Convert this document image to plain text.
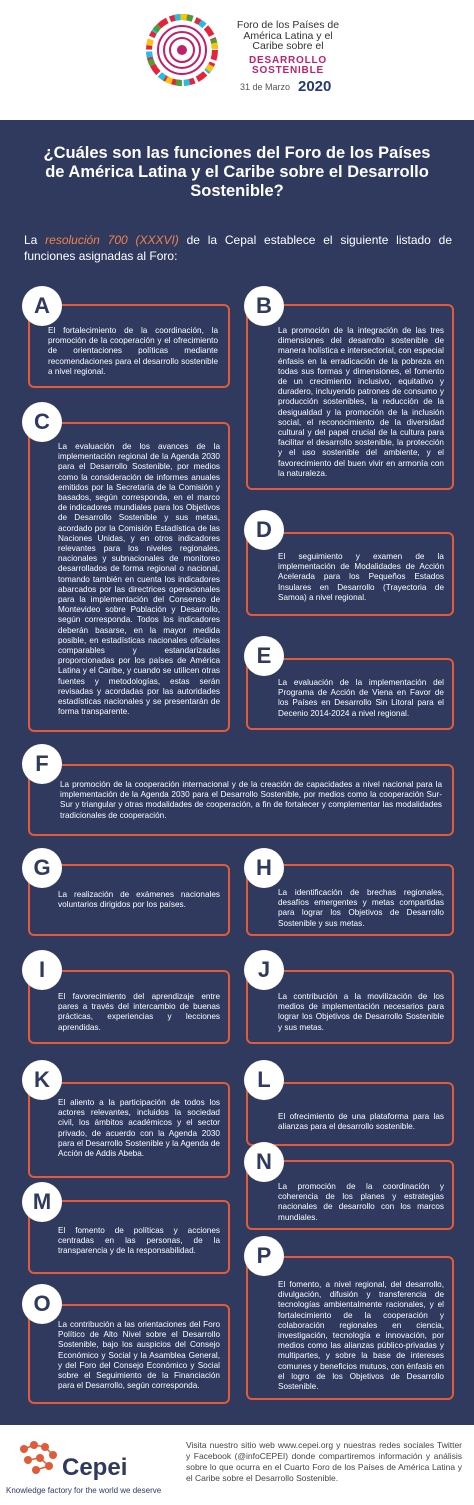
Foro de los Países de América Latina y el Caribe sobre el
DESARROLLO SOSTENIBLE
31 de Marzo 2020
¿Cuáles son las funciones del Foro de los Países de América Latina y el Caribe sobre el Desarrollo Sostenible?
La resolución 700 (XXXVI) de la Cepal establece el siguiente listado de funciones asignadas al Foro:
El fortalecimiento de la coordinación, la promoción de la cooperación y el ofrecimiento de orientaciones políticas mediante recomendaciones para el desarrollo sostenible a nivel regional.
A
La promoción de la integración de las tres dimensiones del desarrollo sostenible de manera holística e intersectorial, con especial énfasis en la erradicación de la pobreza en todas sus formas y dimensiones, el fomento de un crecimiento inclusivo, equitativo y duradero, incluyendo patrones de consumo y producción sostenibles, la reducción de la desigualdad y la promoción de la inclusión social, el reconocimiento de la diversidad cultural y del papel crucial de la cultura para facilitar el desarrollo sostenible, la protección y el uso sostenible del ambiente, y el favorecimiento del buen vivir en armonía con la naturaleza.
B
La evaluación de los avances de la implementación regional de la Agenda 2030 para el Desarrollo Sostenible, por medios como la consideración de informes anuales emitidos por la Secretaría de la Comisión y basados, según corresponda, en el marco de indicadores mundiales para los Objetivos de Desarrollo Sostenible y sus metas, acordado por la Comisión Estadística de las Naciones Unidas, y en otros indicadores relevantes para los niveles regionales, nacionales y subnacionales de monitoreo desarrollados de forma regional o nacional, tomando también en cuenta los indicadores abarcados por las directrices operacionales para la implementación del Consenso de Montevideo sobre Población y Desarrollo, según corresponda. Todos los indicadores deberán basarse, en la mayor medida posible, en estadísticas nacionales oficiales comparables y estandarizadas proporcionadas por los países de América Latina y el Caribe, y cuando se utilicen otras fuentes y metodologías, estas serán revisadas y acordadas por las autoridades estadísticas nacionales y se presentarán de forma transparente.
C
El seguimiento y examen de la implementación de Modalidades de Acción Acelerada para los Pequeños Estados Insulares en Desarrollo (Trayectoria de Samoa) a nivel regional.
D
La evaluación de la implementación del Programa de Acción de Viena en Favor de los Países en Desarrollo Sin Litoral para el Decenio 2014-2024 a nivel regional.
E
La promoción de la cooperación internacional y de la creación de capacidades a nivel nacional para la implementación de la Agenda 2030 para el Desarrollo Sostenible, por medios como la cooperación Sur-Sur y triangular y otras modalidades de cooperación, a fin de fortalecer y complementar las modalidades tradicionales de cooperación.
F
La realización de exámenes nacionales voluntarios dirigidos por los países.
G
La identificación de brechas regionales, desafíos emergentes y metas compartidas para lograr los Objetivos de Desarrollo Sostenible y sus metas.
H
El favorecimiento del aprendizaje entre pares a través del intercambio de buenas prácticas, experiencias y lecciones aprendidas.
I
La contribución a la movilización de los medios de implementación necesarios para lograr los Objetivos de Desarrollo Sostenible y sus metas.
J
El aliento a la participación de todos los actores relevantes, incluidos la sociedad civil, los ámbitos académicos y el sector privado, de acuerdo con la Agenda 2030 para el Desarrollo Sostenible y la Agenda de Acción de Addis Abeba.
K
El ofrecimiento de una plataforma para las alianzas para el desarrollo sostenible.
L
La promoción de la coordinación y coherencia de los planes y estrategias nacionales de desarrollo con los marcos mundiales.
N
El fomento de políticas y acciones centradas en las personas, de la transparencia y de la responsabilidad.
M
El fomento, a nivel regional, del desarrollo, divulgación, difusión y transferencia de tecnologías ambientalmente racionales, y el fortalecimiento de la cooperación y colaboración regionales en ciencia, investigación, tecnología e innovación, por medios como las alianzas público-privadas y multipartes, y sobre la base de intereses comunes y beneficios mutuos, con énfasis en el logro de los Objetivos de Desarrollo Sostenible.
P
La contribución a las orientaciones del Foro Político de Alto Nivel sobre el Desarrollo Sostenible, bajo los auspicios del Consejo Económico y Social y la Asamblea General, y del Foro del Consejo Económico y Social sobre el Seguimiento de la Financiación para el Desarrollo, según corresponda.
O
Cepei
Knowledge factory for the world we deserve
Visita nuestro sitio web www.cepei.org y nuestras redes sociales Twitter y Facebook (@infoCEPEI) donde compartiremos información y análisis sobre lo que ocurra en el Cuarto Foro de los Países de América Latina y el Caribe sobre el Desarrollo Sostenible.
